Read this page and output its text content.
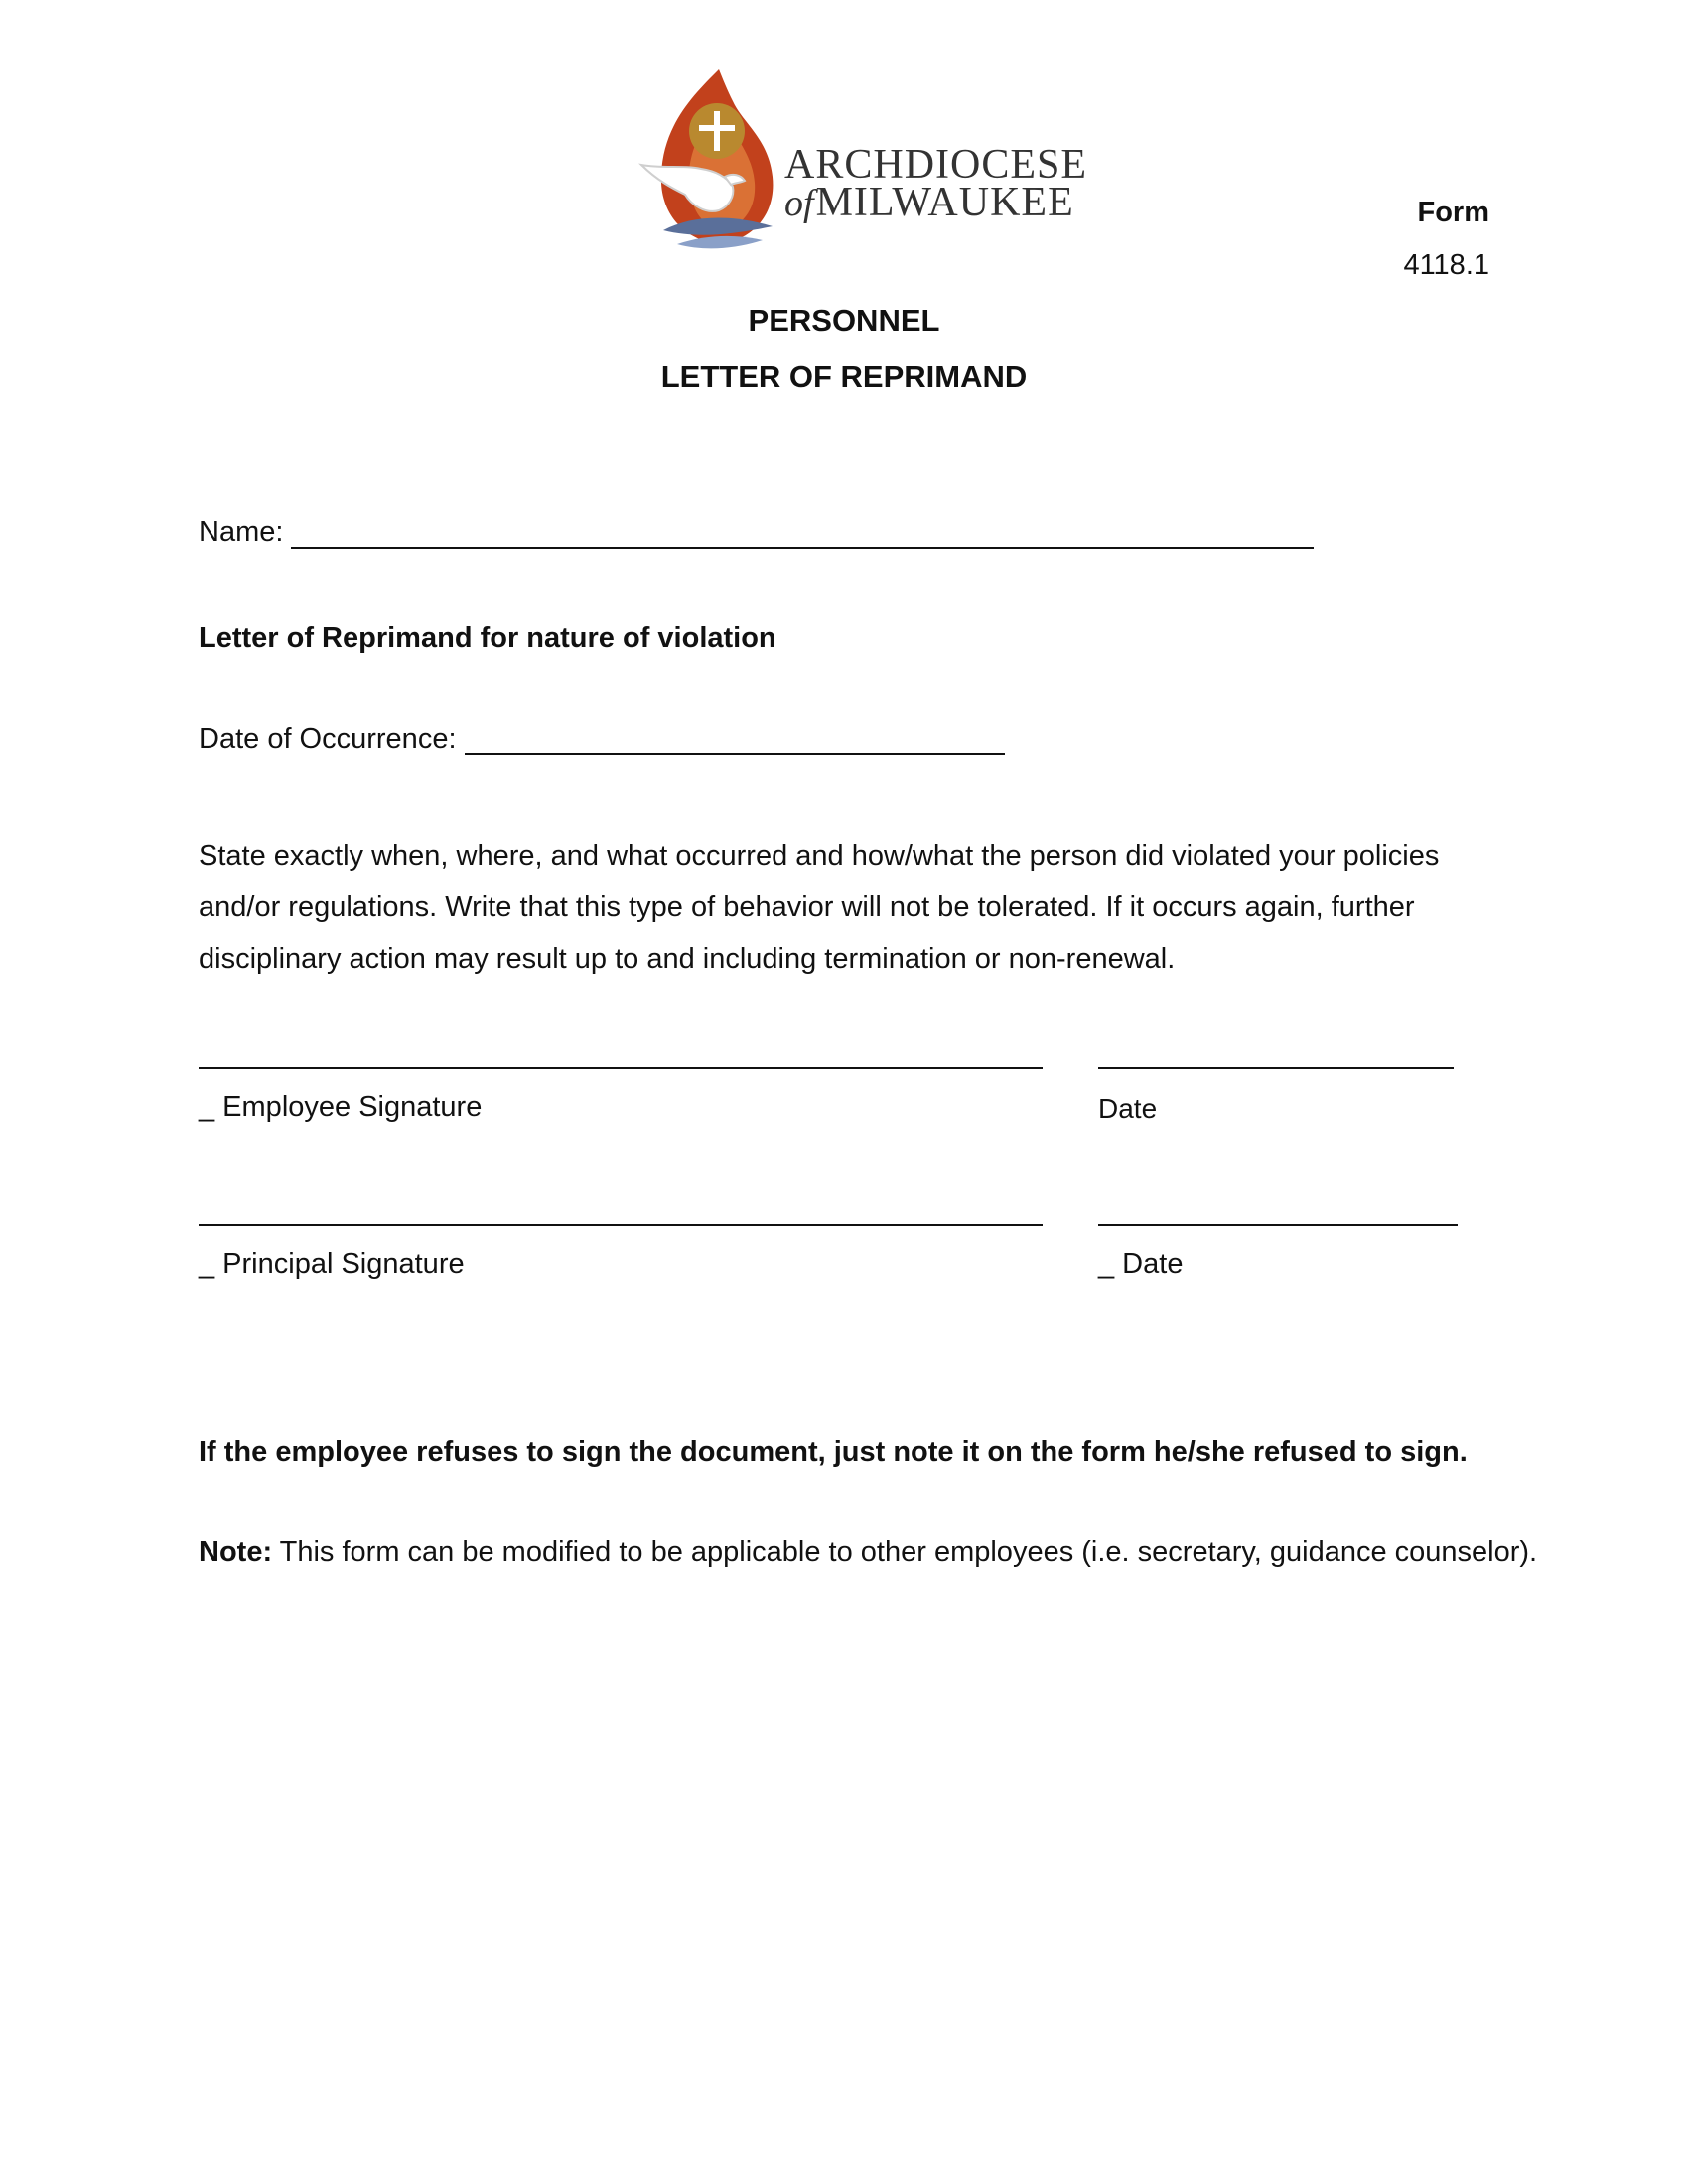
ARCHDIOCESE
ofMILWAUKEE	Form
4118.1
PERSONNEL
LETTER OF REPRIMAND
Name:
Letter of Reprimand for nature of violation
Date of Occurrence:
State exactly when, where, and what occurred and how/what the person did violated your policies and/or regulations. Write that this type of behavior will not be tolerated. If it occurs again, further disciplinary action may result up to and including termination or non-renewal.
_ Employee Signature	Date
_ Principal Signature	_ Date
If the employee refuses to sign the document, just note it on the form he/she refused to sign.
Note: This form can be modified to be applicable to other employees (i.e. secretary, guidance counselor).
